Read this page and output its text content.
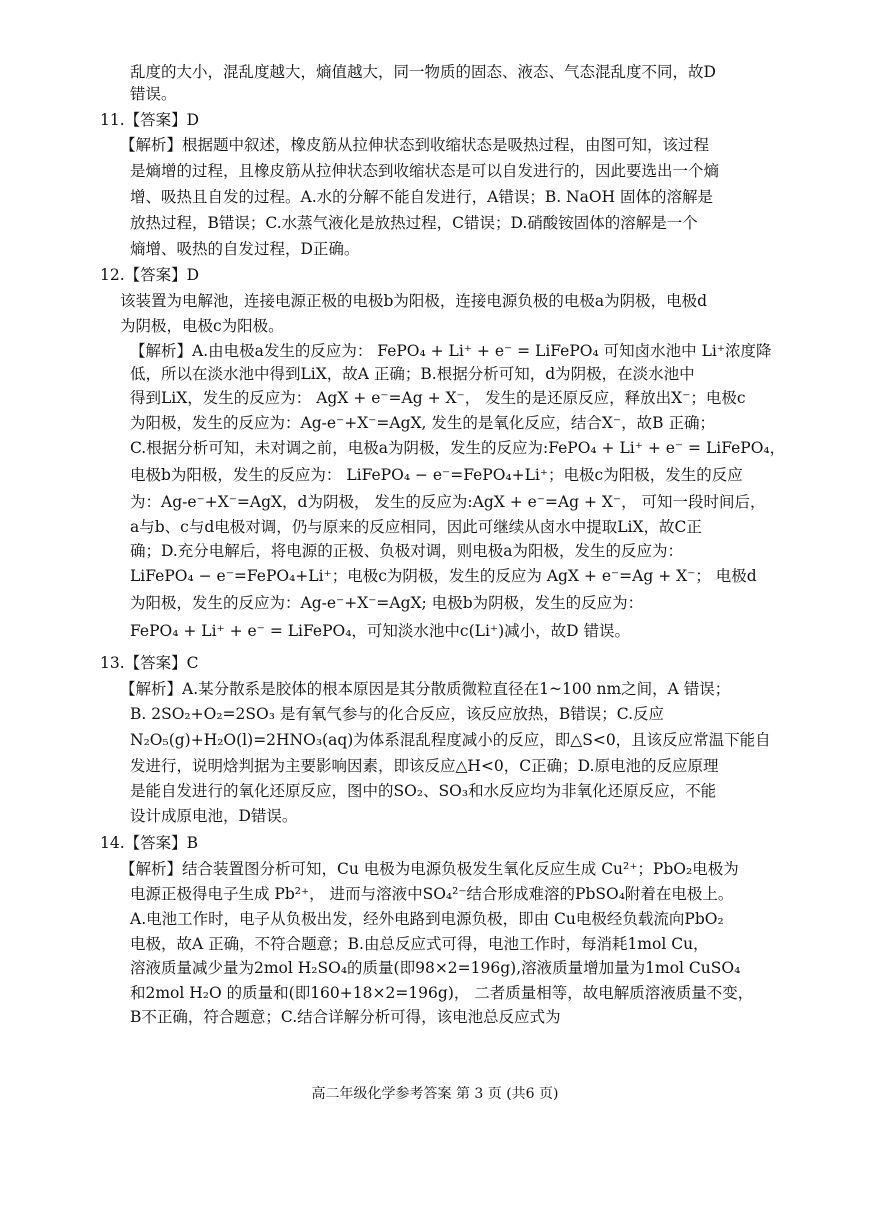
乱度的大小，混乱度越大，熵值越大，同一物质的固态、液态、气态混乱度不同，故D
错误。
11.【答案】D
【解析】根据题中叙述，橡皮筋从拉伸状态到收缩状态是吸热过程，由图可知，该过程
是熵增的过程，且橡皮筋从拉伸状态到收缩状态是可以自发进行的，因此要选出一个熵
增、吸热且自发的过程。A.水的分解不能自发进行，A错误；B. NaOH 固体的溶解是
放热过程，B错误；C.水蒸气液化是放热过程，C错误；D.硝酸铵固体的溶解是一个
熵增、吸热的自发过程，D正确。
12.【答案】D
该装置为电解池，连接电源正极的电极b为阳极，连接电源负极的电极a为阴极，电极d
为阴极，电极c为阳极。
【解析】A.由电极a发生的反应为： FePO₄ + Li⁺ + e⁻ = LiFePO₄ 可知卤水池中 Li⁺浓度降
低，所以在淡水池中得到LiX，故A 正确；B.根据分析可知，d为阴极，在淡水池中
得到LiX，发生的反应为： AgX + e⁻=Ag + X⁻， 发生的是还原反应，释放出X⁻；电极c
为阳极，发生的反应为：Ag-e⁻+X⁻=AgX, 发生的是氧化反应，结合X⁻，故B 正确；
C.根据分析可知，未对调之前，电极a为阴极，发生的反应为:FePO₄ + Li⁺ + e⁻ = LiFePO₄，
电极b为阳极，发生的反应为： LiFePO₄ − e⁻=FePO₄+Li⁺；电极c为阳极，发生的反应
为：Ag-e⁻+X⁻=AgX，d为阴极， 发生的反应为:AgX + e⁻=Ag + X⁻， 可知一段时间后，
a与b、c与d电极对调，仍与原来的反应相同，因此可继续从卤水中提取LiX，故C正
确；D.充分电解后，将电源的正极、负极对调，则电极a为阳极，发生的反应为：
LiFePO₄ − e⁻=FePO₄+Li⁺；电极c为阴极，发生的反应为 AgX + e⁻=Ag + X⁻； 电极d
为阳极，发生的反应为：Ag-e⁻+X⁻=AgX; 电极b为阴极，发生的反应为：
FePO₄ + Li⁺ + e⁻ = LiFePO₄，可知淡水池中c(Li⁺)减小，故D 错误。
13.【答案】C
【解析】A.某分散系是胶体的根本原因是其分散质微粒直径在1~100 nm之间，A 错误；
B. 2SO₂+O₂=2SO₃ 是有氧气参与的化合反应，该反应放热，B错误；C.反应
N₂O₅(g)+H₂O(l)=2HNO₃(aq)为体系混乱程度减小的反应，即△S<0，且该反应常温下能自
发进行，说明焓判据为主要影响因素，即该反应△H<0，C正确；D.原电池的反应原理
是能自发进行的氧化还原反应，图中的SO₂、SO₃和水反应均为非氧化还原反应，不能
设计成原电池，D错误。
14.【答案】B
【解析】结合装置图分析可知，Cu 电极为电源负极发生氧化反应生成 Cu²⁺；PbO₂电极为
电源正极得电子生成 Pb²⁺， 进而与溶液中SO₄²⁻结合形成难溶的PbSO₄附着在电极上。
A.电池工作时，电子从负极出发，经外电路到电源负极，即由 Cu电极经负载流向PbO₂
电极，故A 正确，不符合题意；B.由总反应式可得，电池工作时，每消耗1mol Cu，
溶液质量减少量为2mol H₂SO₄的质量(即98×2=196g),溶液质量增加量为1mol CuSO₄
和2mol H₂O 的质量和(即160+18×2=196g)， 二者质量相等，故电解质溶液质量不变，
B不正确，符合题意；C.结合详解分析可得，该电池总反应式为
高二年级化学参考答案 第 3 页 (共6 页)
